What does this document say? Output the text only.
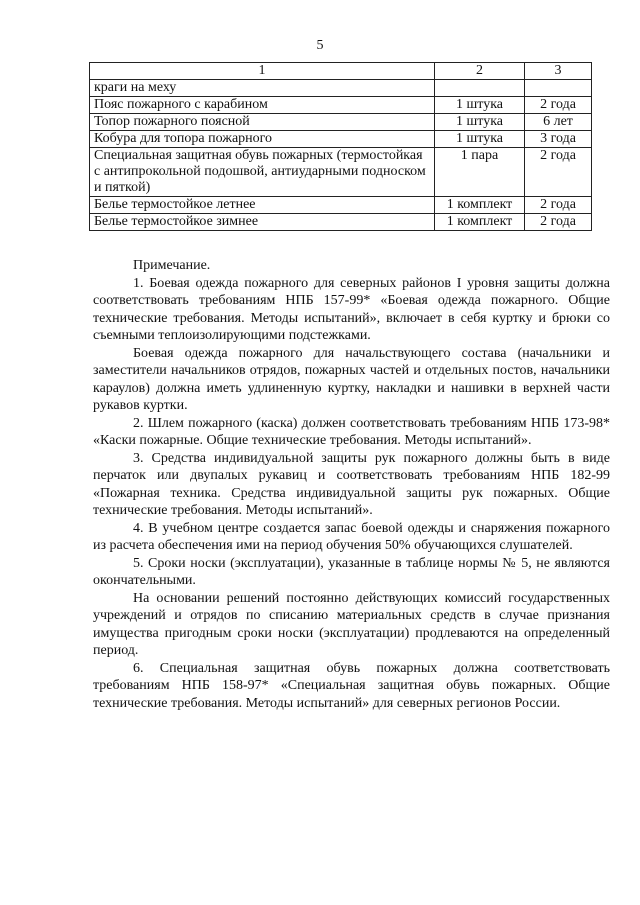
5
1	2	3
краги на меху		
Пояс пожарного с карабином	1 штука	2 года
Топор пожарного поясной	1 штука	6 лет
Кобура для топора пожарного	1 штука	3 года
Специальная защитная обувь пожарных (термостойкая с антипрокольной подошвой, антиударными подноском и пяткой)	1 пара	2 года
Белье термостойкое летнее	1 комплект	2 года
Белье термостойкое зимнее	1 комплект	2 года

Примечание.

1. Боевая одежда пожарного для северных районов I уровня защиты должна соответствовать требованиям НПБ 157-99* «Боевая одежда пожарного. Общие технические требования. Методы испытаний», включает в себя куртку и брюки со съемными теплоизолирующими подстежками.

Боевая одежда пожарного для начальствующего состава (начальники и заместители начальников отрядов, пожарных частей и отдельных постов, начальники караулов) должна иметь удлиненную куртку, накладки и нашивки в верхней части рукавов куртки.

2. Шлем пожарного (каска) должен соответствовать требованиям НПБ 173-98* «Каски пожарные. Общие технические требования. Методы испытаний».

3. Средства индивидуальной защиты рук пожарного должны быть в виде перчаток или двупалых рукавиц и соответствовать требованиям НПБ 182-99 «Пожарная техника. Средства индивидуальной защиты рук пожарных. Общие технические требования. Методы испытаний».

4. В учебном центре создается запас боевой одежды и снаряжения пожарного из расчета обеспечения ими на период обучения 50% обучающихся слушателей.

5. Сроки носки (эксплуатации), указанные в таблице нормы № 5, не являются окончательными.

На основании решений постоянно действующих комиссий государственных учреждений и отрядов по списанию материальных средств в случае признания имущества пригодным сроки носки (эксплуатации) продлеваются на определенный период.

6. Специальная защитная обувь пожарных должна соответствовать требованиям НПБ 158-97* «Специальная защитная обувь пожарных. Общие технические требования. Методы испытаний» для северных регионов России.
